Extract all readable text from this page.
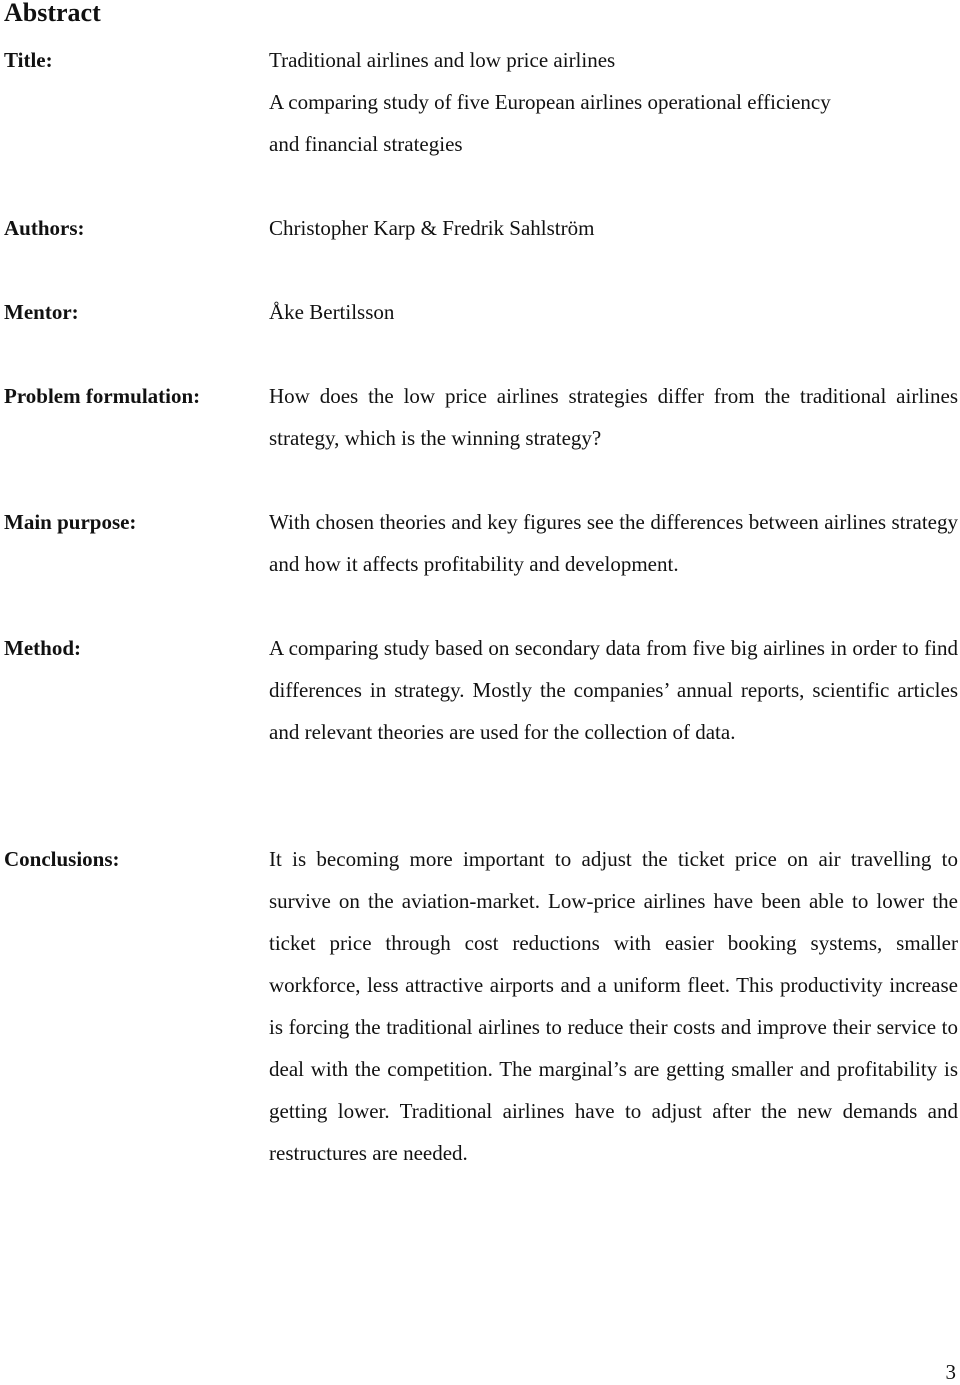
Abstract
Title:	Traditional airlines and low price airlines
A comparing study of five European airlines operational efficiency
and financial strategies
Authors:	Christopher Karp & Fredrik Sahlström
Mentor:	Åke Bertilsson
Problem formulation:	How does the low price airlines strategies differ from the traditional airlines strategy, which is the winning strategy?
Main purpose:	With chosen theories and key figures see the differences between airlines strategy and how it affects profitability and development.
Method:	A comparing study based on secondary data from five big airlines in order to find differences in strategy. Mostly the companies’ annual reports, scientific articles and relevant theories are used for the collection of data.
Conclusions:	It is becoming more important to adjust the ticket price on air travelling to survive on the aviation-market. Low-price airlines have been able to lower the ticket price through cost reductions with easier booking systems, smaller workforce, less attractive airports and a uniform fleet. This productivity increase is forcing the traditional airlines to reduce their costs and improve their service to deal with the competition. The marginal’s are getting smaller and profitability is getting lower. Traditional airlines have to adjust after the new demands and restructures are needed.
3
